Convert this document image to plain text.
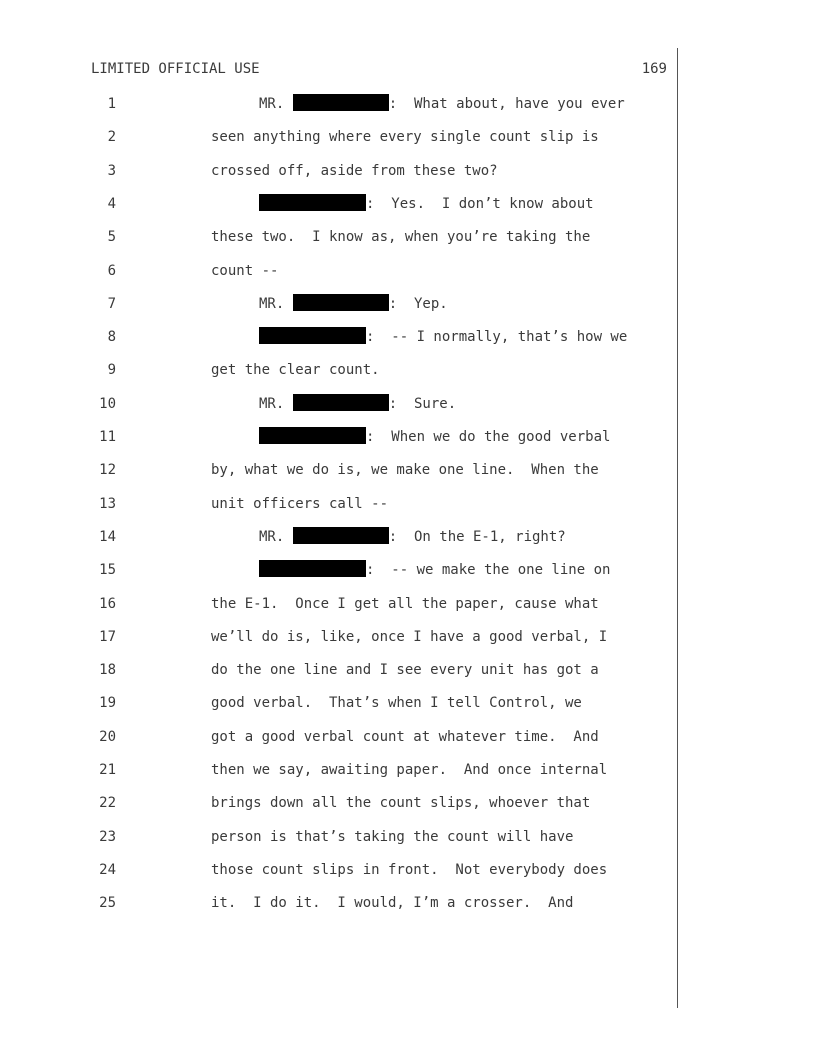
LIMITED OFFICIAL USE	169
1	MR.	:  What about, have you ever
2	seen anything where every single count slip is
3	crossed off, aside from these two?
4	:  Yes.  I don’t know about
5	these two.  I know as, when you’re taking the
6	count --
7	MR.	:  Yep.
8	:  -- I normally, that’s how we
9	get the clear count.
10	MR.	:  Sure.
11	:  When we do the good verbal
12	by, what we do is, we make one line.  When the
13	unit officers call --
14	MR.	:  On the E-1, right?
15	:  -- we make the one line on
16	the E-1.  Once I get all the paper, cause what
17	we’ll do is, like, once I have a good verbal, I
18	do the one line and I see every unit has got a
19	good verbal.  That’s when I tell Control, we
20	got a good verbal count at whatever time.  And
21	then we say, awaiting paper.  And once internal
22	brings down all the count slips, whoever that
23	person is that’s taking the count will have
24	those count slips in front.  Not everybody does
25	it.  I do it.  I would, I’m a crosser.  And
